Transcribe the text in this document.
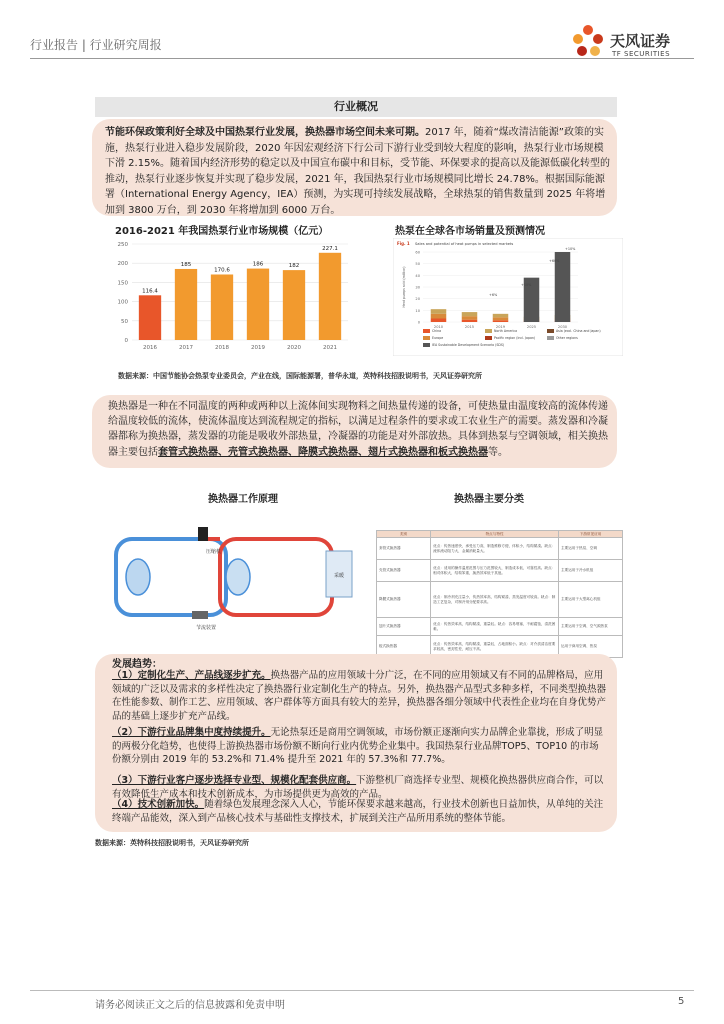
行业报告 | 行业研究周报	天风证券
TF SECURITIES
行业概况
节能环保政策利好全球及中国热泵行业发展，换热器市场空间未来可期。2017 年，随着“煤改清洁能源”政策的实施，热泵行业进入稳步发展阶段，2020 年因宏观经济下行公司下游行业受到较大程度的影响，热泵行业市场规模下滑 2.15%。随着国内经济形势的稳定以及中国宣布碳中和目标，受节能、环保要求的提高以及能源低碳化转型的推动，热泵行业逐步恢复并实现了稳步发展，2021 年，我国热泵行业市场规模同比增长 24.78%。根据国际能源署（International Energy Agency，IEA）预测，为实现可持续发展战略，全球热泵的销售数量到 2025 年将增加到 3800 万台，到 2030 年将增加到 6000 万台。
2016-2021 年我国热泵行业市场规模（亿元）	热泵在全球各市场销量及预测情况
0
50
100
150
200
250
116.4
2016
185
2017
170.6
2018
186
2019
182
2020
227.1
2021
Fig. 1 Sales and potential of heat pumps in selected markets
0
10
20
30
40
50
60
Heat pumps sold (million)
2010	2015	2019	2025	2030
+6%
+10%
+60%
+10%
China	North America	Asia (excl. China and Japan)
Europe	Pacific region (incl. Japan)	Other regions
IEA Sustainable Development Scenario (SDS)
数据来源：中国节能协会热泵专业委员会，产业在线，国际能源署，普华永道，英特科技招股说明书，天风证券研究所
换热器是一种在不同温度的两种或两种以上流体间实现物料之间热量传递的设备，可使热量由温度较高的流体传递给温度较低的流体，使流体温度达到流程规定的指标，以满足过程条件的要求或工农业生产的需要。蒸发器和冷凝器都称为换热器，蒸发器的功能是吸收外部热量，冷凝器的功能是对外部放热。具体到热泵与空调领域，相关换热器主要包括套管式换热器、壳管式换热器、降膜式换热器、翅片式换热器和板式换热器等。
换热器工作原理	换热器主要分类
压缩机
节流装置
采暖
类别	特点与特性	下游常见应用
套管式换热器	优点：传热速度快，承受压力高，制造维修方便，体积小，结构紧凑。缺点：流体流动阻力大，金属消耗量大。	主要运用于热泵、空调
壳管式换热器	优点：适用的操作温度范围与压力范围较大，制造成本低，可靠性高。缺点：相对体积大，结构笨重，换热效率低于其他。	主要运用于冷水机组
降膜式换热器	优点：制冷剂充注量小，传热效率高，结构紧凑，蒸发温度可较高。缺点：制造工艺复杂，对制冷剂分配要求高。	主要运用于大型离心机组
翅片式换热器	优点：传热效率高，结构紧凑，重量轻。缺点：容易堵塞，不耐腐蚀，清洗困难。	主要运用于空调、空气源热泵
板式换热器	优点：传热效率高，结构紧凑，重量轻，占地面积小。缺点：对介质清洁度要求较高，密封性差，耐压不高。	运用于商用空调、热泵
发展趋势：
（1）定制化生产、产品线逐步扩充。换热器产品的应用领域十分广泛，在不同的应用领域又有不同的品牌格局，应用领域的广泛以及需求的多样性决定了换热器行业定制化生产的特点。另外，换热器产品型式多种多样，不同类型换热器在性能参数、制作工艺、应用领域、客户群体等方面具有较大的差异，换热器各细分领域中代表性企业均在自身优势产品的基础上逐步扩充产品线。
（2）下游行业品牌集中度持续提升。无论热泵还是商用空调领域，市场份额正逐渐向实力品牌企业靠拢，形成了明显的两极分化趋势，也使得上游换热器市场份额不断向行业内优势企业集中。我国热泵行业品牌TOP5、TOP10 的市场份额分别由 2019 年的 53.2%和 71.4% 提升至 2021 年的 57.3%和 77.7%。
（3）下游行业客户逐步选择专业型、规模化配套供应商。下游整机厂商选择专业型、规模化换热器供应商合作，可以有效降低生产成本和技术创新成本，为市场提供更为高效的产品。
（4）技术创新加快。随着绿色发展理念深入人心，节能环保要求越来越高，行业技术创新也日益加快，从单纯的关注终端产品能效，深入到产品核心技术与基础性支撑技术，扩展到关注产品所用系统的整体节能。
数据来源：英特科技招股说明书，天风证券研究所
请务必阅读正文之后的信息披露和免责申明	5
